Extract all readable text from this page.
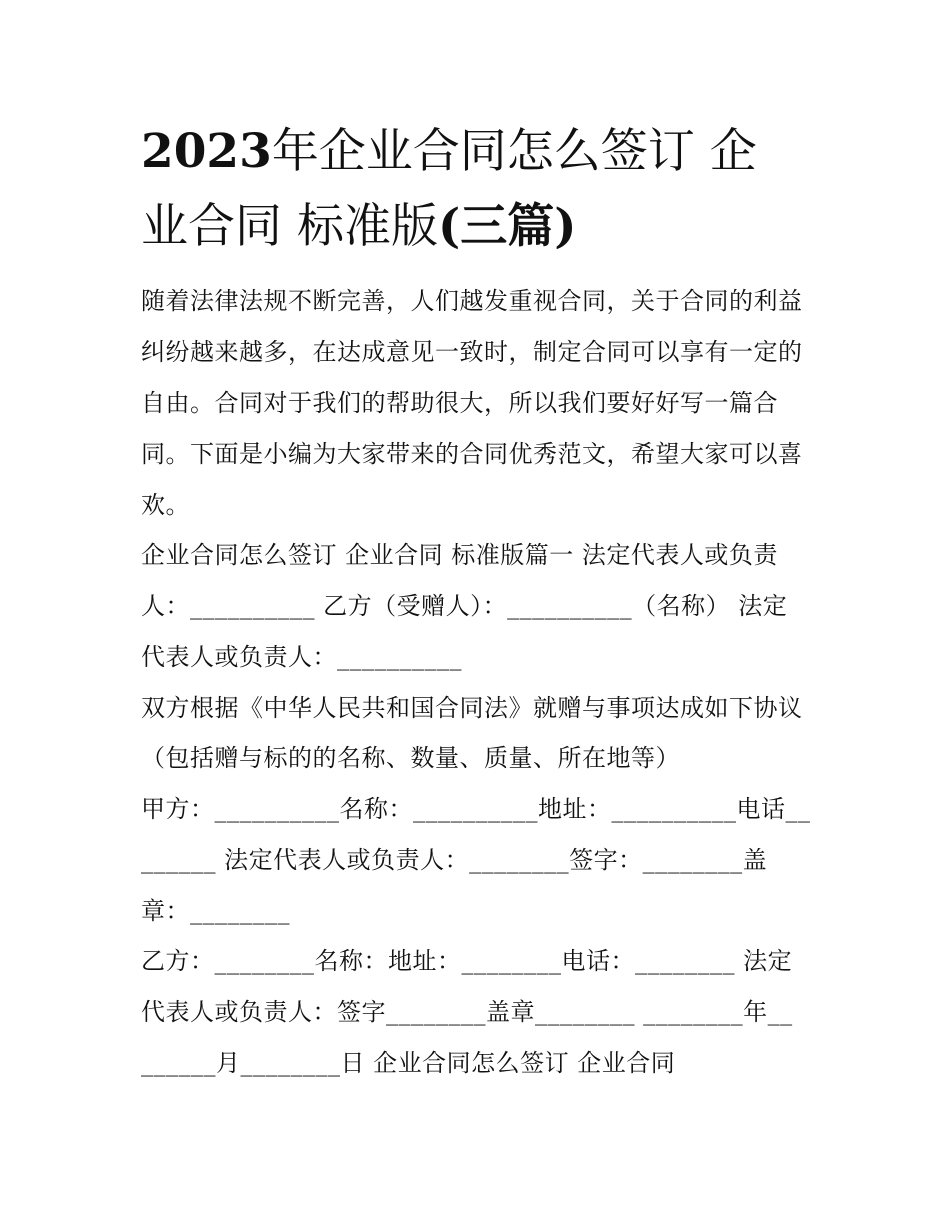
2023年企业合同怎么签订 企
业合同 标准版(三篇)
随着法律法规不断完善，人们越发重视合同，关于合同的利益
纠纷越来越多，在达成意见一致时，制定合同可以享有一定的
自由。合同对于我们的帮助很大，所以我们要好好写一篇合
同。下面是小编为大家带来的合同优秀范文，希望大家可以喜
欢。
企业合同怎么签订 企业合同 标准版篇一 法定代表人或负责
人：__________ 乙方（受赠人）：__________（名称） 法定
代表人或负责人：__________
双方根据《中华人民共和国合同法》就赠与事项达成如下协议
（包括赠与标的的名称、数量、质量、所在地等）
甲方：__________名称：__________地址：__________电话__
______ 法定代表人或负责人：________签字：________盖
章：________
乙方：________名称：地址：________电话：________ 法定
代表人或负责人：签字________盖章________ ________年__
______月________日 企业合同怎么签订 企业合同
